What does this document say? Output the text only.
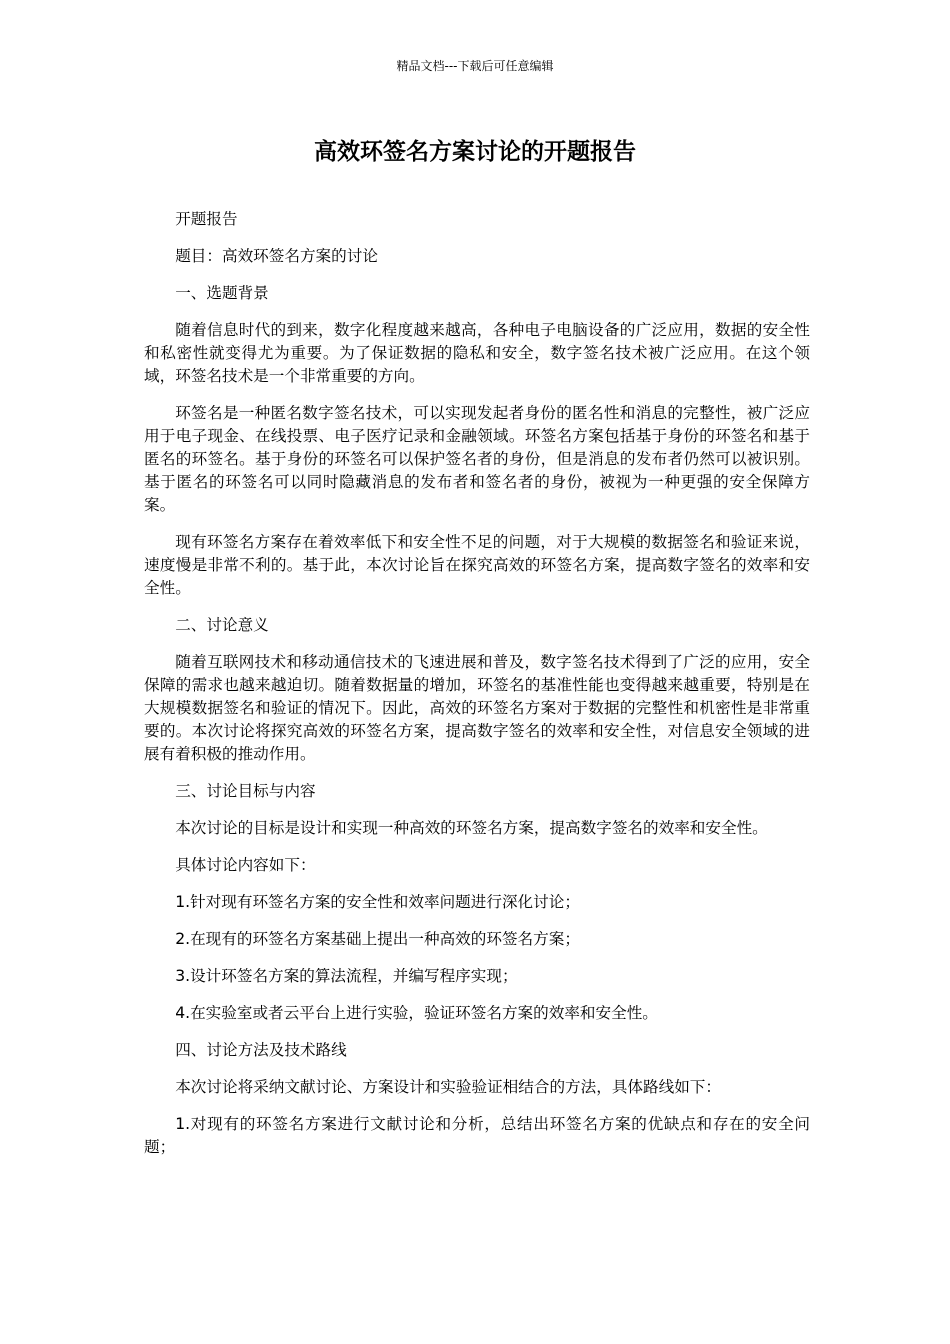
精品文档---下载后可任意编辑
高效环签名方案讨论的开题报告

开题报告

题目：高效环签名方案的讨论

一、选题背景

随着信息时代的到来，数字化程度越来越高，各种电子电脑设备的广泛应用，数据的安全性和私密性就变得尤为重要。为了保证数据的隐私和安全，数字签名技术被广泛应用。在这个领域，环签名技术是一个非常重要的方向。

环签名是一种匿名数字签名技术，可以实现发起者身份的匿名性和消息的完整性，被广泛应用于电子现金、在线投票、电子医疗记录和金融领域。环签名方案包括基于身份的环签名和基于匿名的环签名。基于身份的环签名可以保护签名者的身份，但是消息的发布者仍然可以被识别。基于匿名的环签名可以同时隐藏消息的发布者和签名者的身份，被视为一种更强的安全保障方案。

现有环签名方案存在着效率低下和安全性不足的问题，对于大规模的数据签名和验证来说，速度慢是非常不利的。基于此，本次讨论旨在探究高效的环签名方案，提高数字签名的效率和安全性。

二、讨论意义

随着互联网技术和移动通信技术的飞速进展和普及，数字签名技术得到了广泛的应用，安全保障的需求也越来越迫切。随着数据量的增加，环签名的基准性能也变得越来越重要，特别是在大规模数据签名和验证的情况下。因此，高效的环签名方案对于数据的完整性和机密性是非常重要的。本次讨论将探究高效的环签名方案，提高数字签名的效率和安全性，对信息安全领域的进展有着积极的推动作用。

三、讨论目标与内容

本次讨论的目标是设计和实现一种高效的环签名方案，提高数字签名的效率和安全性。

具体讨论内容如下：

1.针对现有环签名方案的安全性和效率问题进行深化讨论；

2.在现有的环签名方案基础上提出一种高效的环签名方案；

3.设计环签名方案的算法流程，并编写程序实现；

4.在实验室或者云平台上进行实验，验证环签名方案的效率和安全性。

四、讨论方法及技术路线

本次讨论将采纳文献讨论、方案设计和实验验证相结合的方法，具体路线如下：

1.对现有的环签名方案进行文献讨论和分析，总结出环签名方案的优缺点和存在的安全问题；
